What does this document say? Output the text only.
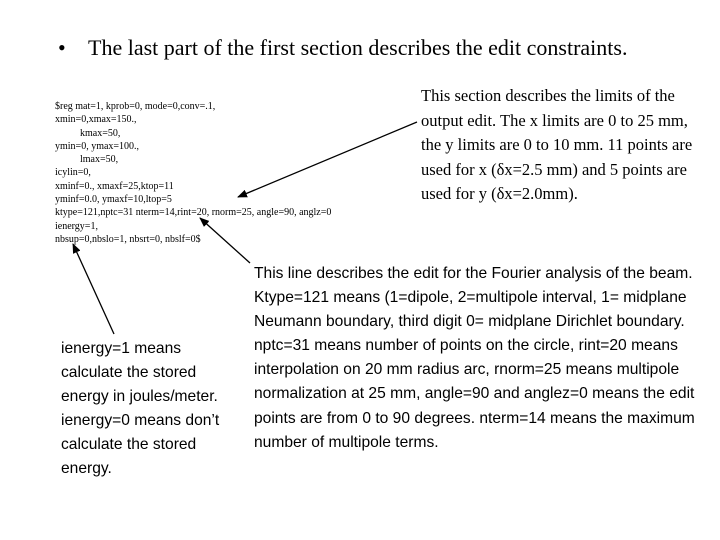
• The last part of the first section describes the edit constraints.
$reg mat=1, kprob=0, mode=0,conv=.1,
xmin=0,xmax=150.,
kmax=50,
ymin=0, ymax=100.,
lmax=50,
icylin=0,
xminf=0., xmaxf=25,ktop=11
yminf=0.0, ymaxf=10,ltop=5
ktype=121,nptc=31 nterm=14,rint=20, rnorm=25, angle=90, anglz=0
ienergy=1,
nbsup=0,nbslo=1, nbsrt=0, nbslf=0$
This section describes the limits of the output edit. The x limits are 0 to 25 mm, the y limits are 0 to 10 mm. 11 points are used for x (δx=2.5 mm) and 5 points are used for y (δx=2.0mm).
This line describes the edit for the Fourier analysis of the beam. Ktype=121 means (1=dipole, 2=multipole interval, 1= midplane Neumann boundary, third digit 0= midplane Dirichlet boundary. nptc=31 means number of points on the circle, rint=20 means interpolation on 20 mm radius arc, rnorm=25 means multipole normalization at 25 mm, angle=90 and anglez=0 means the edit points are from 0 to 90 degrees. nterm=14 means the maximum number of multipole terms.
ienergy=1 means calculate the stored energy in joules/meter. ienergy=0 means don’t calculate the stored energy.
